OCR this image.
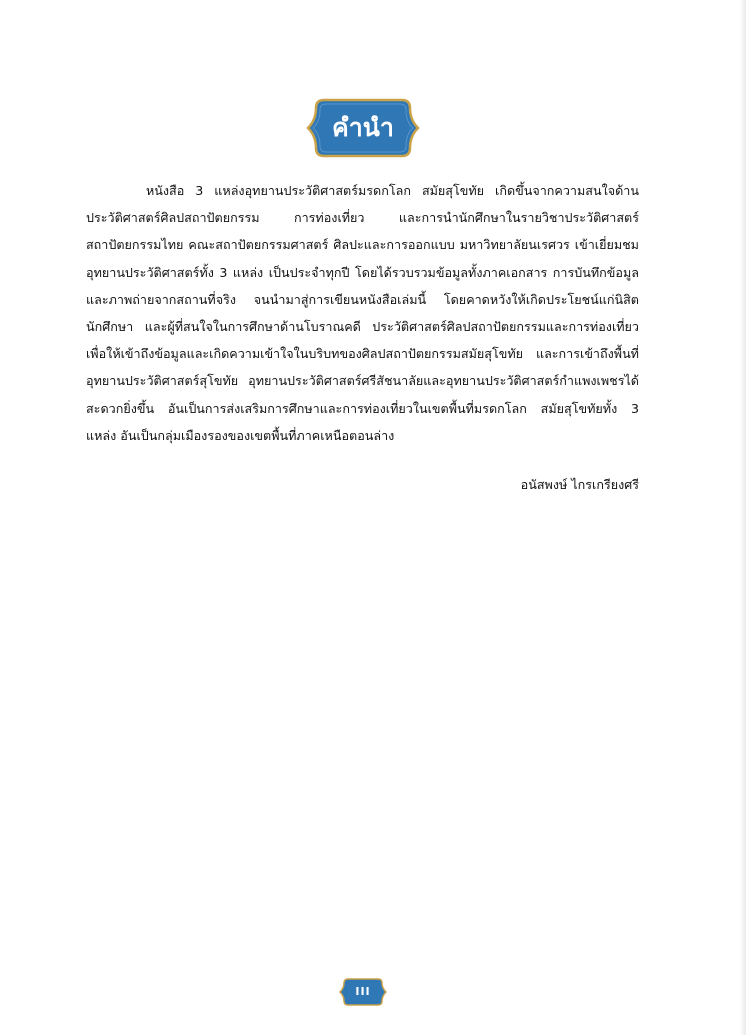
คำนำ

หนังสือ 3 แหล่งอุทยานประวัติศาสตร์มรดกโลก สมัยสุโขทัย เกิดขึ้นจากความสนใจด้านประวัติศาสตร์ศิลปสถาปัตยกรรม การท่องเที่ยว และการนำนักศึกษาในรายวิชาประวัติศาสตร์สถาปัตยกรรมไทย คณะสถาปัตยกรรมศาสตร์ ศิลปะและการออกแบบ มหาวิทยาลัยนเรศวร เข้าเยี่ยมชมอุทยานประวัติศาสตร์ทั้ง 3 แหล่ง เป็นประจำทุกปี โดยได้รวบรวมข้อมูลทั้งภาคเอกสาร การบันทึกข้อมูลและภาพถ่ายจากสถานที่จริง จนนำมาสู่การเขียนหนังสือเล่มนี้ โดยคาดหวังให้เกิดประโยชน์แก่นิสิตนักศึกษา และผู้ที่สนใจในการศึกษาด้านโบราณคดี ประวัติศาสตร์ศิลปสถาปัตยกรรมและการท่องเที่ยว เพื่อให้เข้าถึงข้อมูลและเกิดความเข้าใจในบริบทของศิลปสถาปัตยกรรมสมัยสุโขทัย และการเข้าถึงพื้นที่อุทยานประวัติศาสตร์สุโขทัย อุทยานประวัติศาสตร์ศรีสัชนาลัยและอุทยานประวัติศาสตร์กำแพงเพชรได้สะดวกยิ่งขึ้น อันเป็นการส่งเสริมการศึกษาและการท่องเที่ยวในเขตพื้นที่มรดกโลก สมัยสุโขทัยทั้ง 3 แหล่ง อันเป็นกลุ่มเมืองรองของเขตพื้นที่ภาคเหนือตอนล่าง

อนัสพงษ์ ไกรเกรียงศรี
III
